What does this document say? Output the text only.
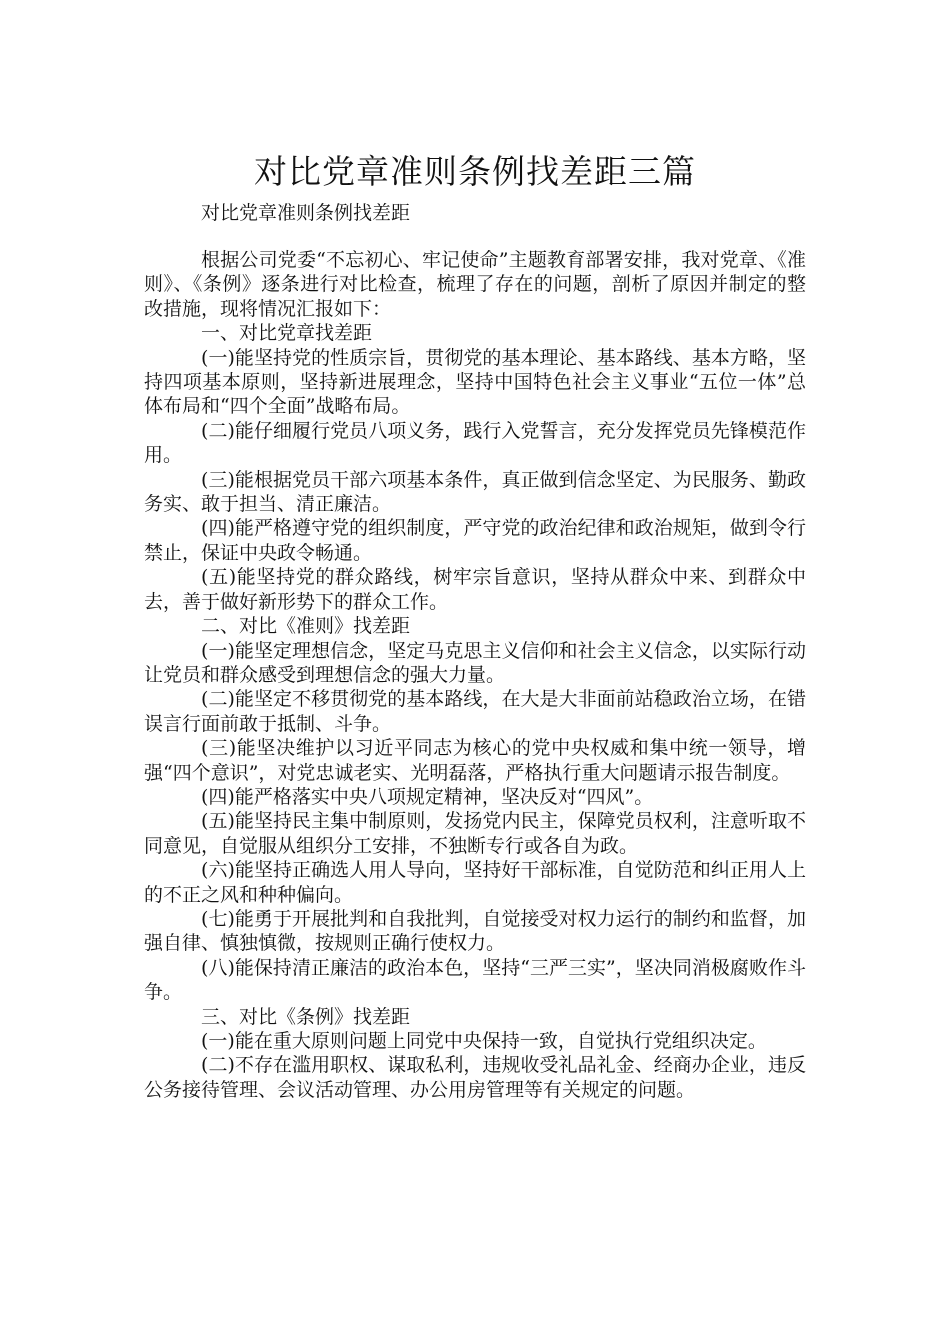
对比党章准则条例找差距三篇
对比党章准则条例找差距

根据公司党委“不忘初心、牢记使命”主题教育部署安排，我对党章、《准则》、《条例》逐条进行对比检查，梳理了存在的问题，剖析了原因并制定的整改措施，现将情况汇报如下：

一、对比党章找差距

(一)能坚持党的性质宗旨，贯彻党的基本理论、基本路线、基本方略，坚持四项基本原则，坚持新进展理念，坚持中国特色社会主义事业“五位一体”总体布局和“四个全面”战略布局。

(二)能仔细履行党员八项义务，践行入党誓言，充分发挥党员先锋模范作用。

(三)能根据党员干部六项基本条件，真正做到信念坚定、为民服务、勤政务实、敢于担当、清正廉洁。

(四)能严格遵守党的组织制度，严守党的政治纪律和政治规矩，做到令行禁止，保证中央政令畅通。

(五)能坚持党的群众路线，树牢宗旨意识，坚持从群众中来、到群众中去，善于做好新形势下的群众工作。

二、对比《准则》找差距

(一)能坚定理想信念，坚定马克思主义信仰和社会主义信念，以实际行动让党员和群众感受到理想信念的强大力量。

(二)能坚定不移贯彻党的基本路线，在大是大非面前站稳政治立场，在错误言行面前敢于抵制、斗争。

(三)能坚决维护以习近平同志为核心的党中央权威和集中统一领导，增强“四个意识”，对党忠诚老实、光明磊落，严格执行重大问题请示报告制度。

(四)能严格落实中央八项规定精神，坚决反对“四风”。

(五)能坚持民主集中制原则，发扬党内民主，保障党员权利，注意听取不同意见，自觉服从组织分工安排，不独断专行或各自为政。

(六)能坚持正确选人用人导向，坚持好干部标准，自觉防范和纠正用人上的不正之风和种种偏向。

(七)能勇于开展批判和自我批判，自觉接受对权力运行的制约和监督，加强自律、慎独慎微，按规则正确行使权力。

(八)能保持清正廉洁的政治本色，坚持“三严三实”，坚决同消极腐败作斗争。

三、对比《条例》找差距

(一)能在重大原则问题上同党中央保持一致，自觉执行党组织决定。

(二)不存在滥用职权、谋取私利，违规收受礼品礼金、经商办企业，违反公务接待管理、会议活动管理、办公用房管理等有关规定的问题。
